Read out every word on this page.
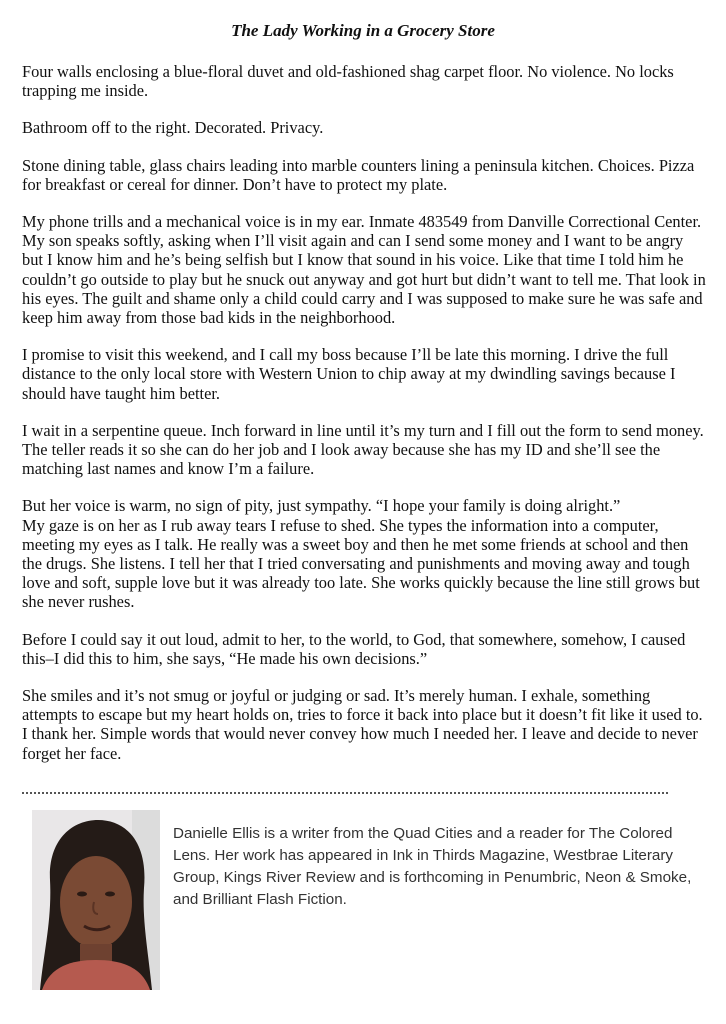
The Lady Working in a Grocery Store

Four walls enclosing a blue-floral duvet and old-fashioned shag carpet floor. No violence. No locks trapping me inside.

Bathroom off to the right. Decorated. Privacy.

Stone dining table, glass chairs leading into marble counters lining a peninsula kitchen. Choices. Pizza for breakfast or cereal for dinner. Don’t have to protect my plate.

My phone trills and a mechanical voice is in my ear. Inmate 483549 from Danville Correctional Center. My son speaks softly, asking when I’ll visit again and can I send some money and I want to be angry but I know him and he’s being selfish but I know that sound in his voice. Like that time I told him he couldn’t go outside to play but he snuck out anyway and got hurt but didn’t want to tell me. That look in his eyes. The guilt and shame only a child could carry and I was supposed to make sure he was safe and keep him away from those bad kids in the neighborhood.

I promise to visit this weekend, and I call my boss because I’ll be late this morning. I drive the full distance to the only local store with Western Union to chip away at my dwindling savings because I should have taught him better.

I wait in a serpentine queue. Inch forward in line until it’s my turn and I fill out the form to send money. The teller reads it so she can do her job and I look away because she has my ID and she’ll see the matching last names and know I’m a failure.

But her voice is warm, no sign of pity, just sympathy. “I hope your family is doing alright.”

My gaze is on her as I rub away tears I refuse to shed. She types the information into a computer, meeting my eyes as I talk. He really was a sweet boy and then he met some friends at school and then the drugs. She listens. I tell her that I tried conversating and punishments and moving away and tough love and soft, supple love but it was already too late. She works quickly because the line still grows but she never rushes.

Before I could say it out loud, admit to her, to the world, to God, that somewhere, somehow, I caused this–I did this to him, she says, “He made his own decisions.”

She smiles and it’s not smug or joyful or judging or sad. It’s merely human. I exhale, something attempts to escape but my heart holds on, tries to force it back into place but it doesn’t fit like it used to.

I thank her. Simple words that would never convey how much I needed her. I leave and decide to never forget her face.

Danielle Ellis is a writer from the Quad Cities and a reader for The Colored Lens. Her work has appeared in Ink in Thirds Magazine, Westbrae Literary Group, Kings River Review and is forthcoming in Penumbric, Neon & Smoke, and Brilliant Flash Fiction.
